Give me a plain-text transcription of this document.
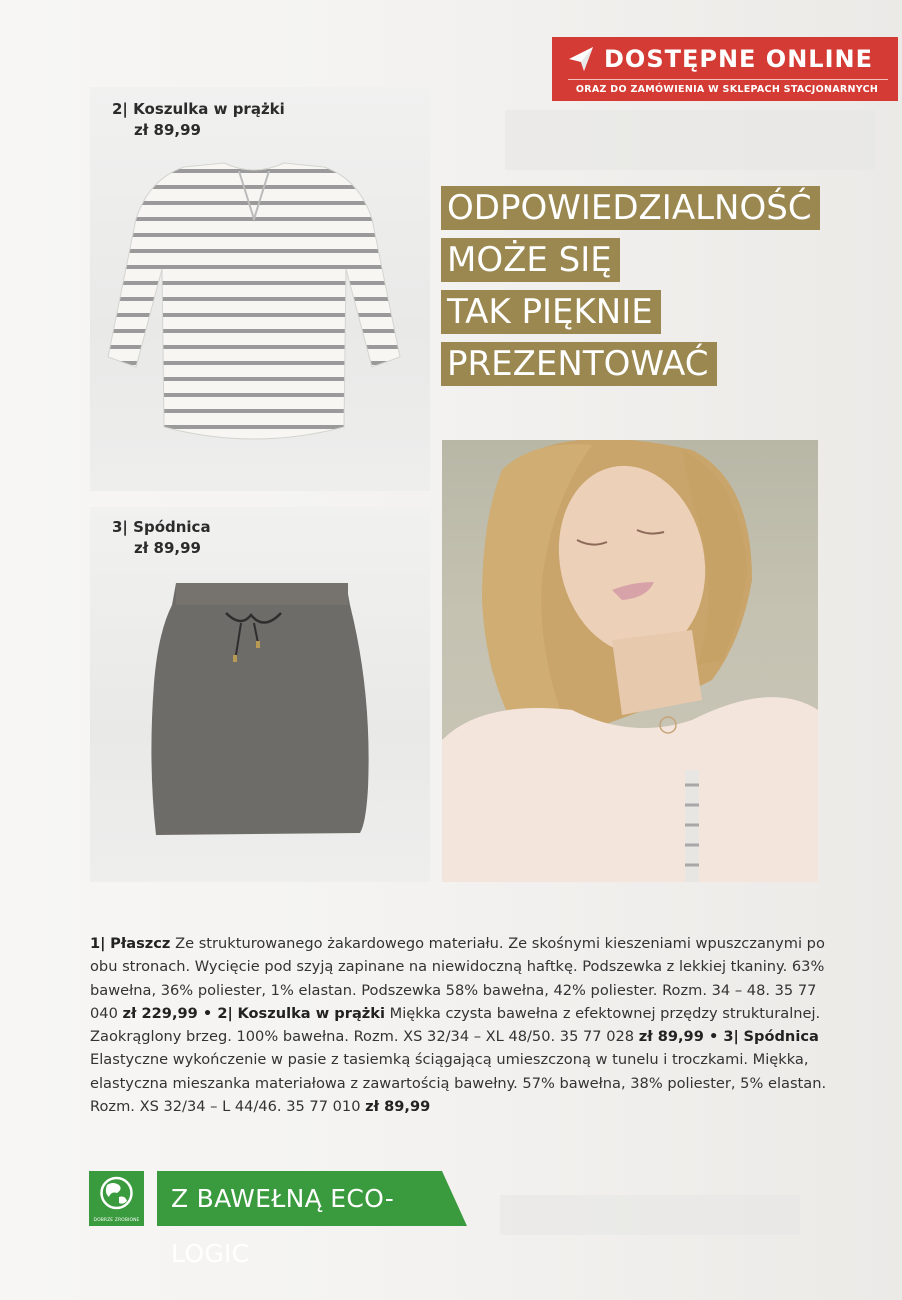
DOSTĘPNE ONLINE
ORAZ DO ZAMÓWIENIA W SKLEPACH STACJONARNYCH
2| Koszulka w prążki
zł 89,99
3| Spódnica
zł 89,99
ODPOWIEDZIALNOŚĆ
MOŻE SIĘ
TAK PIĘKNIE
PREZENTOWAĆ
1| Płaszcz Ze strukturowanego żakardowego materiału. Ze skośnymi kieszeniami wpuszczanymi po obu stronach. Wycięcie pod szyją zapinane na niewidoczną haftkę. Podszewka z lekkiej tkaniny. 63% bawełna, 36% poliester, 1% elastan. Podszewka 58% bawełna, 42% poliester. Rozm. 34 – 48. 35 77 040 zł 229,99 • 2| Koszulka w prążki Miękka czysta bawełna z efektownej przędzy strukturalnej. Zaokrąglony brzeg. 100% bawełna. Rozm. XS 32/34 – XL 48/50. 35 77 028 zł 89,99 • 3| Spódnica Elastyczne wykończenie w pasie z tasiemką ściągającą umieszczoną w tunelu i troczkami. Miękka, elastyczna mieszanka materiałowa z zawartością bawełny. 57% bawełna, 38% poliester, 5% elastan. Rozm. XS 32/34 – L 44/46. 35 77 010 zł 89,99
DOBRZE ZROBIONE
Z BAWEŁNĄ ECO-LOGIC
